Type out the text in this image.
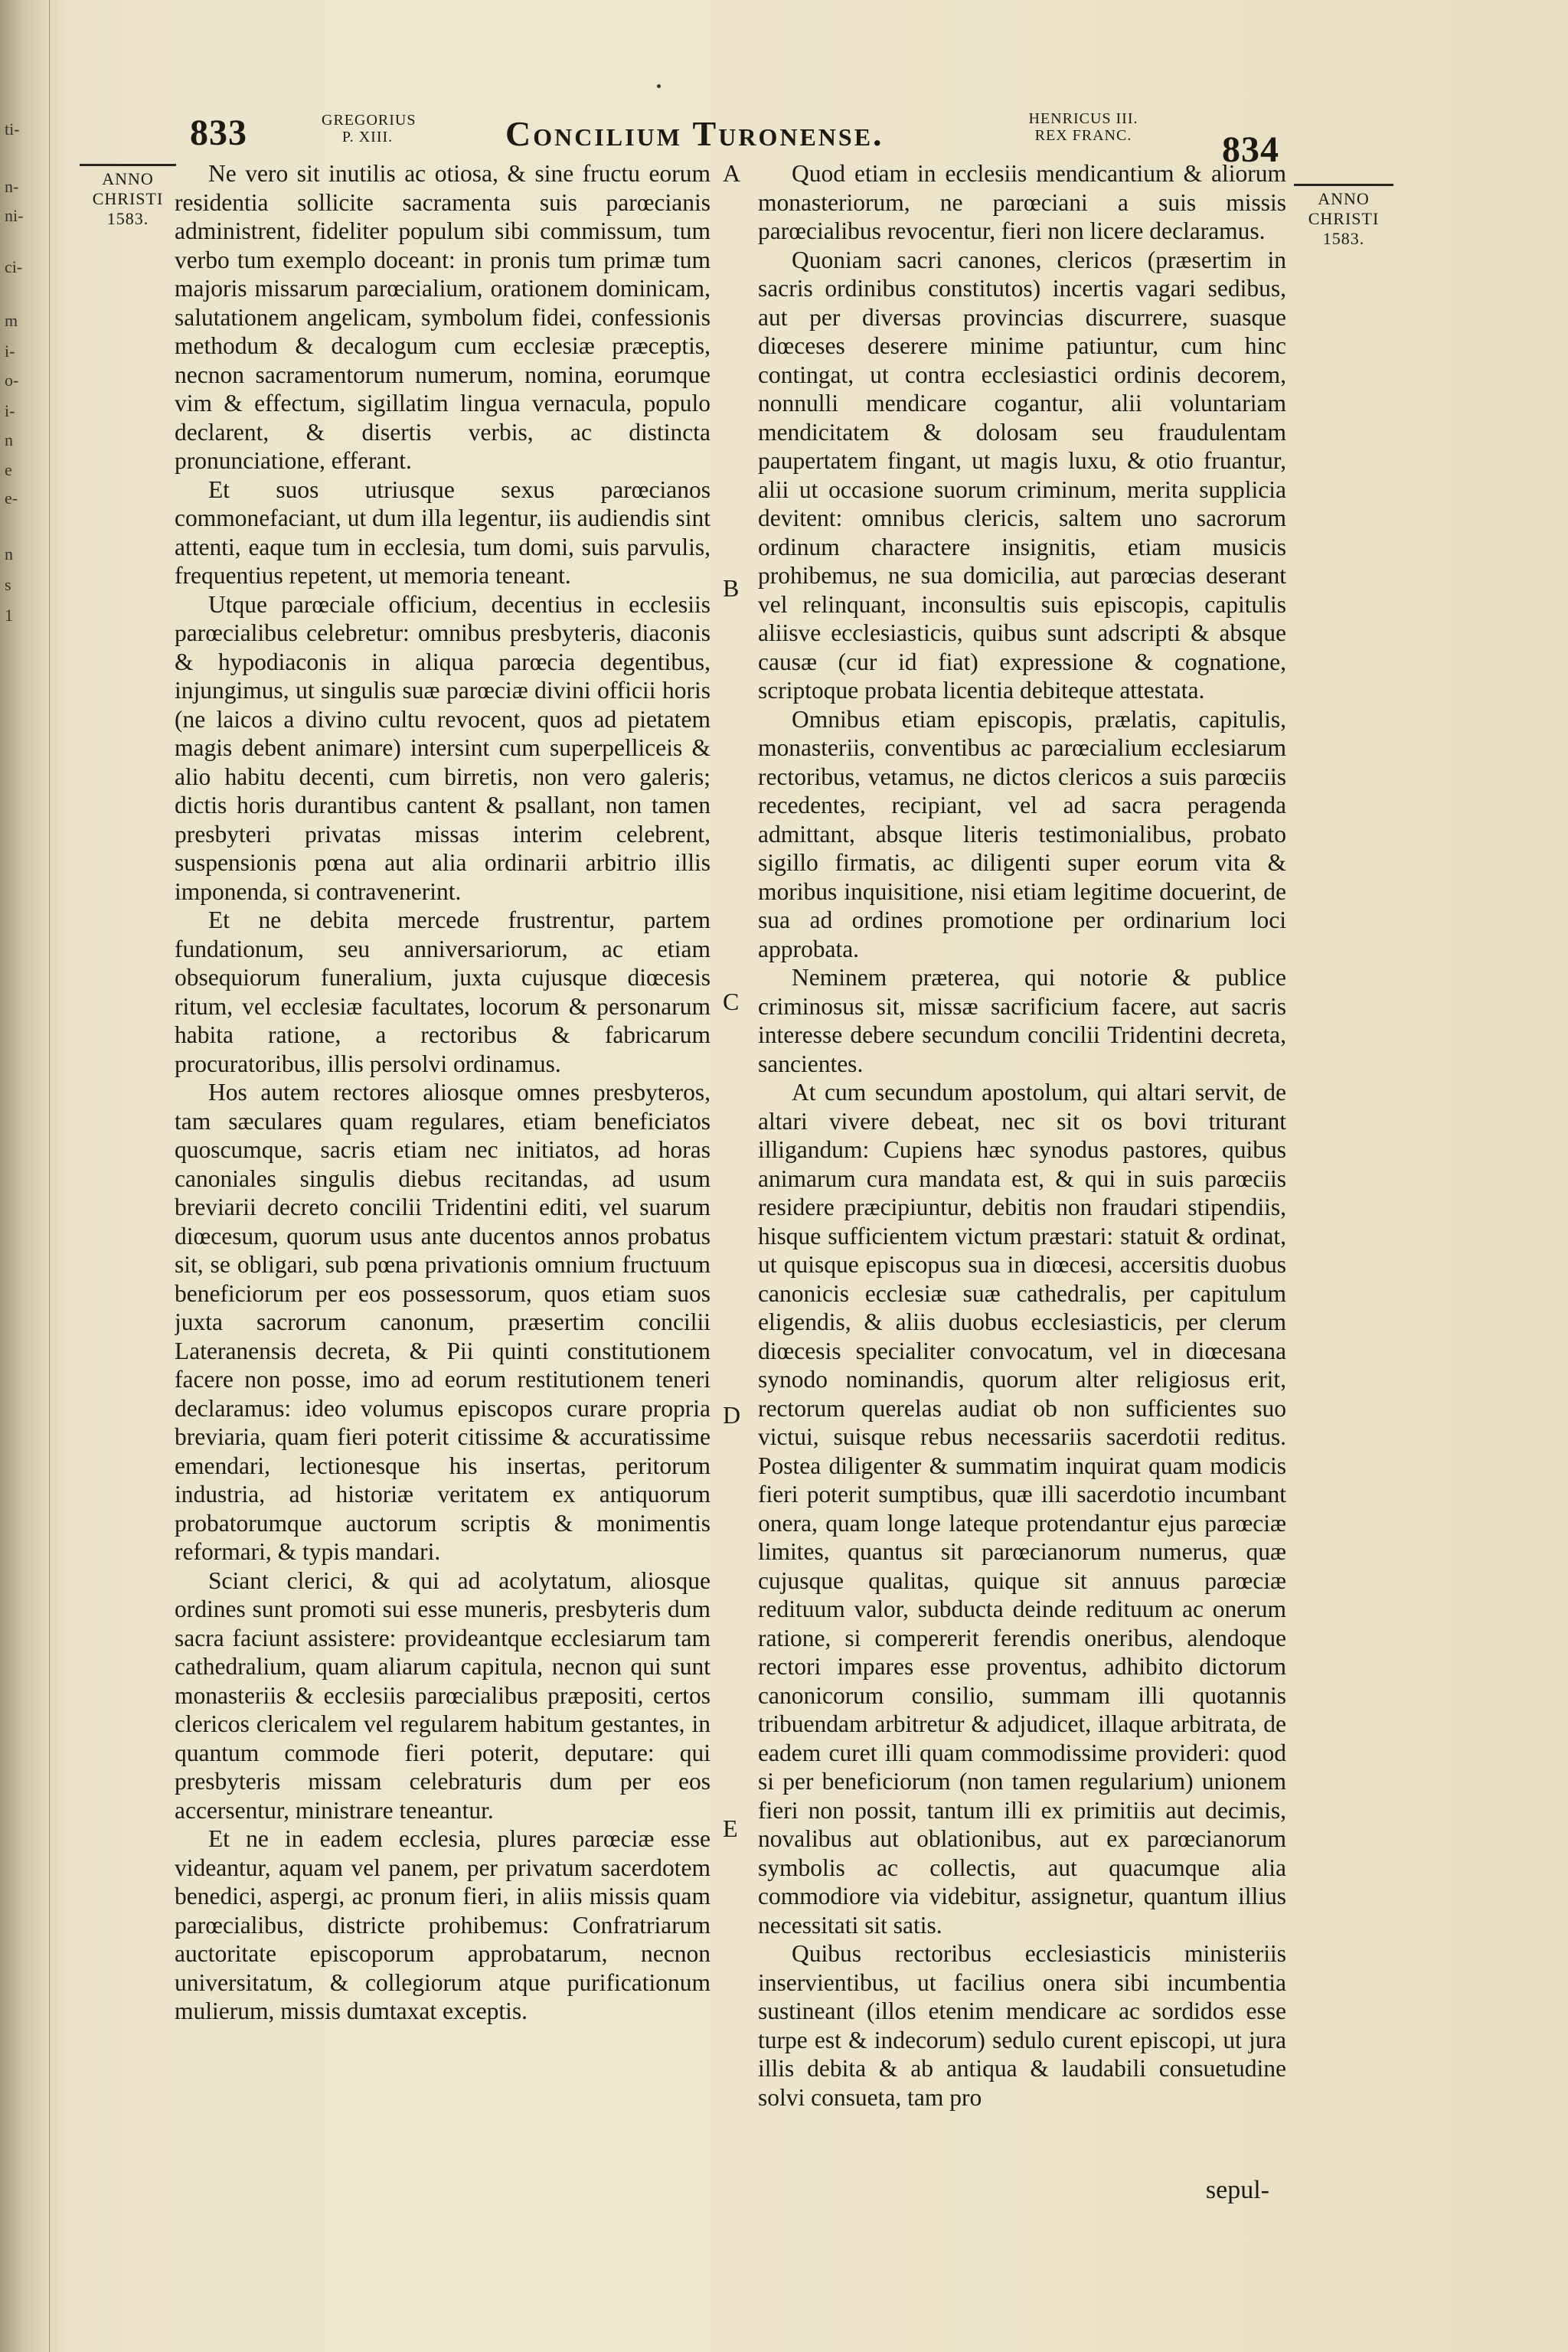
ti-
n-
ni-
ci-
m
i-
o-
i-
n
e
e-
n
s
1
833	GREGORIUS
P. XIII.	Concilium Turonense.	HENRICUS III.
REX FRANC.	834
ANNO
CHRISTI
1583.
ANNO
CHRISTI
1583.
A
B
C
D
E

Ne vero sit inutilis ac otiosa, & sine fructu eorum residentia sollicite sacramenta suis parœcianis administrent, fideliter populum sibi commissum, tum verbo tum exemplo doceant: in pronis tum primæ tum majoris missarum parœcialium, orationem dominicam, salutationem angelicam, symbolum fidei, confessionis methodum & decalogum cum ecclesiæ præceptis, necnon sacramentorum numerum, nomina, eorumque vim & effectum, sigillatim lingua vernacula, populo declarent, & disertis verbis, ac distincta pronunciatione, efferant.

Et suos utriusque sexus parœcianos commonefaciant, ut dum illa legentur, iis audiendis sint attenti, eaque tum in ecclesia, tum domi, suis parvulis, frequentius repetent, ut memoria teneant.

Utque parœciale officium, decentius in ecclesiis parœcialibus celebretur: omnibus presbyteris, diaconis & hypodiaconis in aliqua parœcia degentibus, injungimus, ut singulis suæ parœciæ divini officii horis (ne laicos a divino cultu revocent, quos ad pietatem magis debent animare) intersint cum superpelliceis & alio habitu decenti, cum birretis, non vero galeris; dictis horis durantibus cantent & psallant, non tamen presbyteri privatas missas interim celebrent, suspensionis pœna aut alia ordinarii arbitrio illis imponenda, si contravenerint.

Et ne debita mercede frustrentur, partem fundationum, seu anniversariorum, ac etiam obsequiorum funeralium, juxta cujusque diœcesis ritum, vel ecclesiæ facultates, locorum & personarum habita ratione, a rectoribus & fabricarum procuratoribus, illis persolvi ordinamus.

Hos autem rectores aliosque omnes presbyteros, tam sæculares quam regulares, etiam beneficiatos quoscumque, sacris etiam nec initiatos, ad horas canoniales singulis diebus recitandas, ad usum breviarii decreto concilii Tridentini editi, vel suarum diœcesum, quorum usus ante ducentos annos probatus sit, se obligari, sub pœna privationis omnium fructuum beneficiorum per eos possessorum, quos etiam suos juxta sacrorum canonum, præsertim concilii Lateranensis decreta, & Pii quinti constitutionem facere non posse, imo ad eorum restitutionem teneri declaramus: ideo volumus episcopos curare propria breviaria, quam fieri poterit citissime & accuratissime emendari, lectionesque his insertas, peritorum industria, ad historiæ veritatem ex antiquorum probatorumque auctorum scriptis & monimentis reformari, & typis mandari.

Sciant clerici, & qui ad acolytatum, aliosque ordines sunt promoti sui esse muneris, presbyteris dum sacra faciunt assistere: provideantque ecclesiarum tam cathedralium, quam aliarum capitula, necnon qui sunt monasteriis & ecclesiis parœcialibus præpositi, certos clericos clericalem vel regularem habitum gestantes, in quantum commode fieri poterit, deputare: qui presbyteris missam celebraturis dum per eos accersentur, ministrare teneantur.

Et ne in eadem ecclesia, plures parœciæ esse videantur, aquam vel panem, per privatum sacerdotem benedici, aspergi, ac pronum fieri, in aliis missis quam parœcialibus, districte prohibemus: Confratriarum auctoritate episcoporum approbatarum, necnon universitatum, & collegiorum atque purificationum mulierum, missis dumtaxat exceptis.

Quod etiam in ecclesiis mendicantium & aliorum monasteriorum, ne parœciani a suis missis parœcialibus revocentur, fieri non licere declaramus.

Quoniam sacri canones, clericos (præsertim in sacris ordinibus constitutos) incertis vagari sedibus, aut per diversas provincias discurrere, suasque diœceses deserere minime patiuntur, cum hinc contingat, ut contra ecclesiastici ordinis decorem, nonnulli mendicare cogantur, alii voluntariam mendicitatem & dolosam seu fraudulentam paupertatem fingant, ut magis luxu, & otio fruantur, alii ut occasione suorum criminum, merita supplicia devitent: omnibus clericis, saltem uno sacrorum ordinum charactere insignitis, etiam musicis prohibemus, ne sua domicilia, aut parœcias deserant vel relinquant, inconsultis suis episcopis, capitulis aliisve ecclesiasticis, quibus sunt adscripti & absque causæ (cur id fiat) expressione & cognatione, scriptoque probata licentia debiteque attestata.

Omnibus etiam episcopis, prælatis, capitulis, monasteriis, conventibus ac parœcialium ecclesiarum rectoribus, vetamus, ne dictos clericos a suis parœciis recedentes, recipiant, vel ad sacra peragenda admittant, absque literis testimonialibus, probato sigillo firmatis, ac diligenti super eorum vita & moribus inquisitione, nisi etiam legitime docuerint, de sua ad ordines promotione per ordinarium loci approbata.

Neminem præterea, qui notorie & publice criminosus sit, missæ sacrificium facere, aut sacris interesse debere secundum concilii Tridentini decreta, sancientes.

At cum secundum apostolum, qui altari servit, de altari vivere debeat, nec sit os bovi triturant illigandum: Cupiens hæc synodus pastores, quibus animarum cura mandata est, & qui in suis parœciis residere præcipiuntur, debitis non fraudari stipendiis, hisque sufficientem victum præstari: statuit & ordinat, ut quisque episcopus sua in diœcesi, accersitis duobus canonicis ecclesiæ suæ cathedralis, per capitulum eligendis, & aliis duobus ecclesiasticis, per clerum diœcesis specialiter convocatum, vel in diœcesana synodo nominandis, quorum alter religiosus erit, rectorum querelas audiat ob non sufficientes suo victui, suisque rebus necessariis sacerdotii reditus. Postea diligenter & summatim inquirat quam modicis fieri poterit sumptibus, quæ illi sacerdotio incumbant onera, quam longe lateque protendantur ejus parœciæ limites, quantus sit parœcianorum numerus, quæ cujusque qualitas, quique sit annuus parœciæ redituum valor, subducta deinde redituum ac onerum ratione, si compererit ferendis oneribus, alendoque rectori impares esse proventus, adhibito dictorum canonicorum consilio, summam illi quotannis tribuendam arbitretur & adjudicet, illaque arbitrata, de eadem curet illi quam commodissime provideri: quod si per beneficiorum (non tamen regularium) unionem fieri non possit, tantum illi ex primitiis aut decimis, novalibus aut oblationibus, aut ex parœcianorum symbolis ac collectis, aut quacumque alia commodiore via videbitur, assignetur, quantum illius necessitati sit satis.

Quibus rectoribus ecclesiasticis ministeriis inservientibus, ut facilius onera sibi incumbentia sustineant (illos etenim mendicare ac sordidos esse turpe est & indecorum) sedulo curent episcopi, ut jura illis debita & ab antiqua & laudabili consuetudine solvi consueta, tam pro

sepul-
